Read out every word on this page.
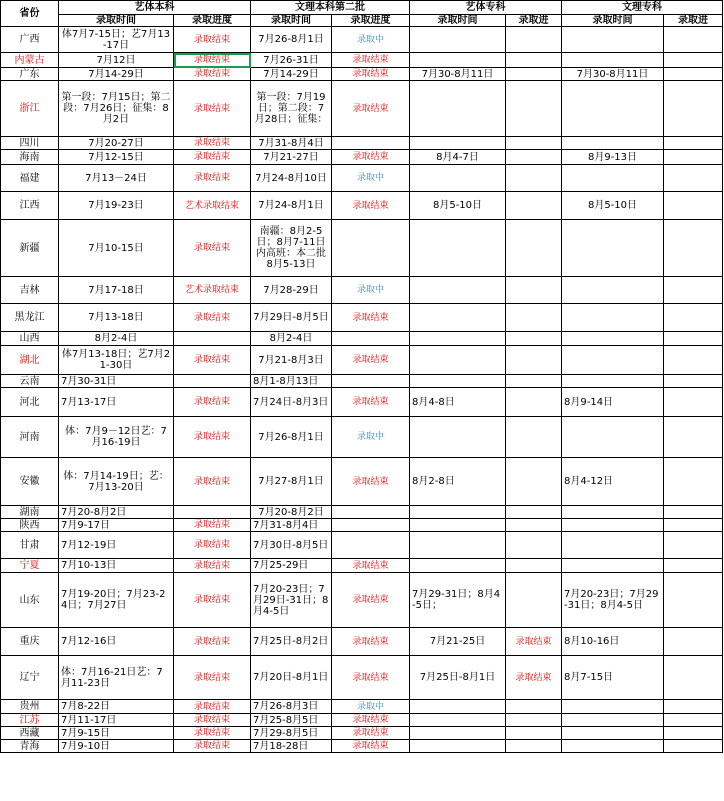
省份	艺体本科		文理本科第二批		艺体专科		文理专科	
	录取时间	录取进度	录取时间	录取进度	录取时间	录取进	录取时间	录取进
广西	体7月7-15日；艺7月13-17日	录取结束	7月26-8月1日	录取中				
内蒙古	7月12日	录取结束	7月26-31日	录取结束				
广东	7月14-29日	录取结束	7月14-29日	录取结束	7月30-8月11日		7月30-8月11日	
浙江	第一段：7月15日；第二段：7月26日；征集：8月2日	录取结束	第一段：7月19日；第二段：7月28日；征集：	录取结束				
四川	7月20-27日	录取结束	7月31-8月4日					
海南	7月12-15日	录取结束	7月21-27日	录取结束	8月4-7日		8月9-13日	
福建	7月13－24日	录取结束	7月24-8月10日	录取中				
江西	7月19-23日	艺术录取结束	7月24-8月1日	录取结束	8月5-10日		8月5-10日	
新疆	7月10-15日	录取结束	南疆：8月2-5日；8月7-11日内高班：本二批8月5-13日					
吉林	7月17-18日	艺术录取结束	7月28-29日	录取中				
黑龙江	7月13-18日	录取结束	7月29日-8月5日	录取结束				
山西	8月2-4日		8月2-4日					
湖北	体7月13-18日；艺7月21-30日	录取结束	7月21-8月3日	录取结束				
云南	7月30-31日		8月1-8月13日					
河北	7月13-17日	录取结束	7月24日-8月3日	录取结束	8月4-8日		8月9-14日	
河南	体：7月9－12日艺：7月16-19日	录取结束	7月26-8月1日	录取中				
安徽	体：7月14-19日；艺：7月13-20日	录取结束	7月27-8月1日	录取结束	8月2-8日		8月4-12日	
湖南	7月20-8月2日		7月20-8月2日					
陕西	7月9-17日	录取结束	7月31-8月4日					
甘肃	7月12-19日	录取结束	7月30日-8月5日					
宁夏	7月10-13日	录取结束	7月25-29日	录取结束				
山东	7月19-20日；7月23-24日；7月27日	录取结束	7月20-23日；7月29日-31日；8月4-5日	录取结束	7月29-31日；8月4-5日；		7月20-23日；7月29-31日；8月4-5日	
重庆	7月12-16日	录取结束	7月25日-8月2日	录取结束	7月21-25日	录取结束	8月10-16日	
辽宁	体：7月16-21日艺：7月11-23日	录取结束	7月20日-8月1日	录取结束	7月25日-8月1日	录取结束	8月7-15日	
贵州	7月8-22日	录取结束	7月26-8月3日	录取中				
江苏	7月11-17日	录取结束	7月25-8月5日	录取结束				
西藏	7月9-15日	录取结束	7月29-8月5日	录取结束				
青海	7月9-10日	录取结束	7月18-28日	录取结束				
